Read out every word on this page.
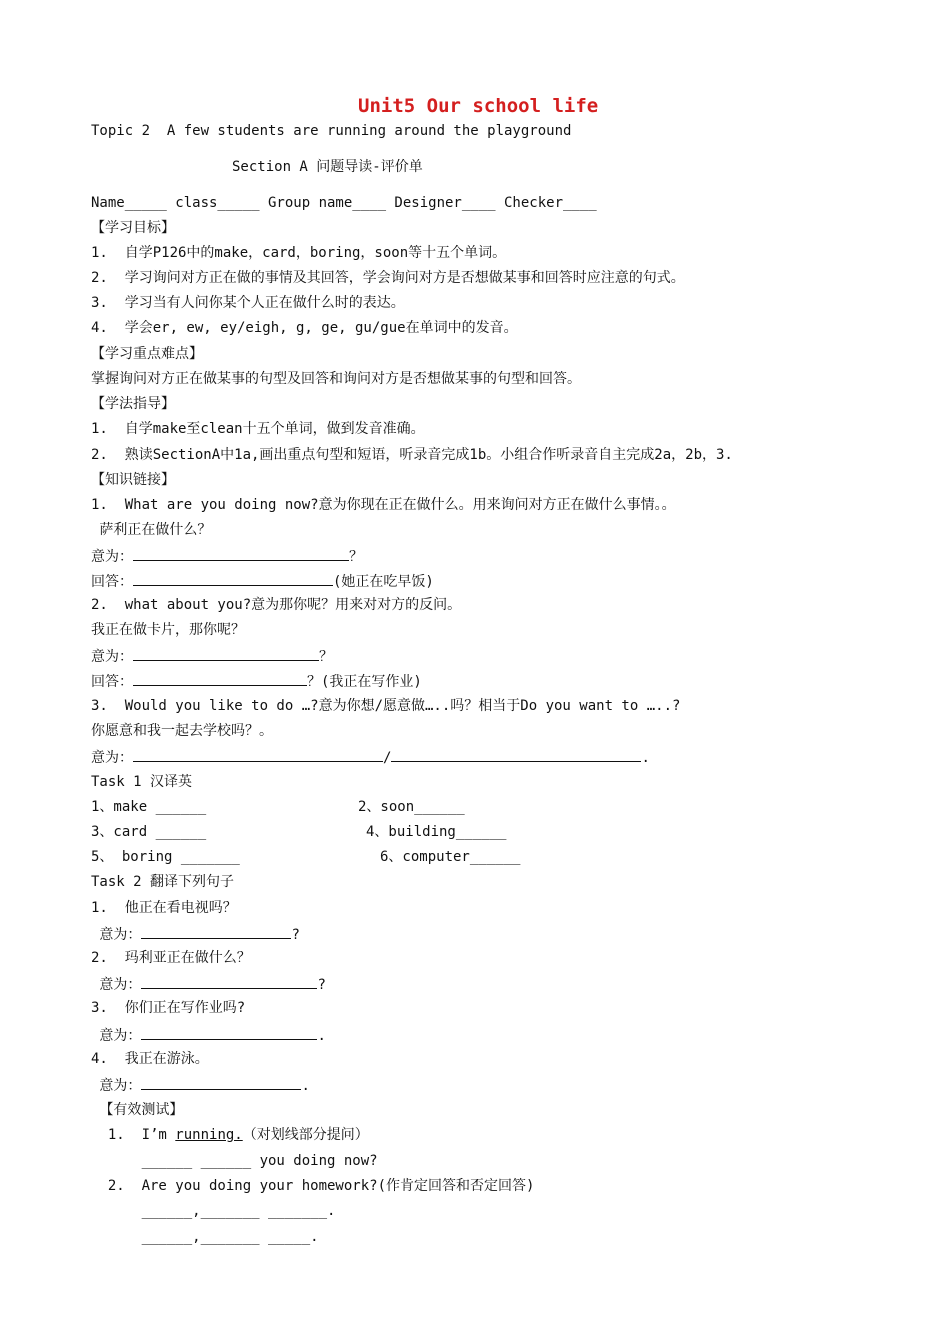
Unit5 Our school life
Topic 2  A few students are running around the playground
Section A 问题导读-评价单
Name_____ class_____ Group name____ Designer____ Checker____
【学习目标】
1.  自学P126中的make，card，boring，soon等十五个单词。
2.  学习询问对方正在做的事情及其回答，学会询问对方是否想做某事和回答时应注意的句式。
3.  学习当有人问你某个人正在做什么时的表达。
4.  学会er, ew, ey/eigh, g, ge, gu/gue在单词中的发音。
【学习重点难点】
掌握询问对方正在做某事的句型及回答和询问对方是否想做某事的句型和回答。
【学法指导】
1.  自学make至clean十五个单词，做到发音准确。
2.  熟读SectionA中1a,画出重点句型和短语，听录音完成1b。小组合作听录音自主完成2a，2b，3.
【知识链接】
1.  What are you doing now?意为你现在正在做什么。用来询问对方正在做什么事情。。
萨利正在做什么？
意为：	？
回答：	(她正在吃早饭)
2.  what about you?意为那你呢？用来对对方的反问。
我正在做卡片，那你呢？
意为：	？
回答：	？(我正在写作业)
3.  Would you like to do …?意为你想/愿意做…..吗？相当于Do you want to …..?
你愿意和我一起去学校吗？。
意为：	/	.
Task 1 汉译英
1、make ______	2、soon______
3、card ______	4、building______
5、 boring _______	6、computer______
Task 2 翻译下列句子
1.  他正在看电视吗？
意为：	?
2.  玛利亚正在做什么？
意为：	?
3.  你们正在写作业吗?
意为：	.
4.  我正在游泳。
意为：	.
【有效测试】
1.  I’m running.（对划线部分提问）
______ ______ you doing now?
2.  Are you doing your homework?(作肯定回答和否定回答)
______,_______ _______.
______,_______ _____.
